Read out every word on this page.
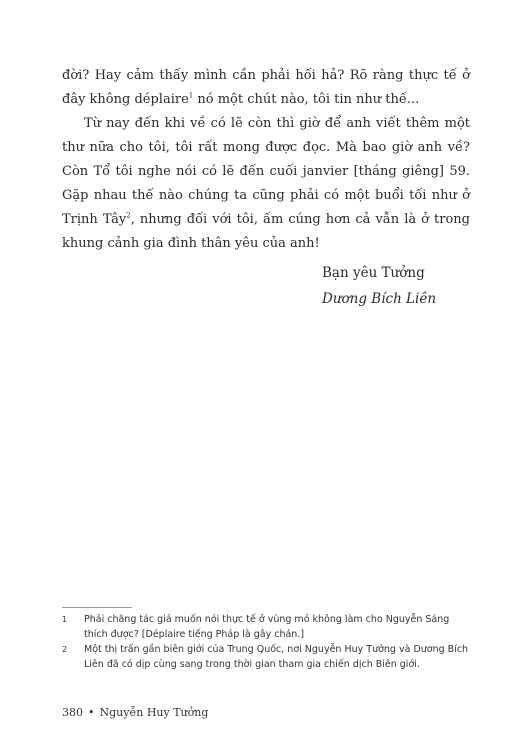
đời? Hay cảm thấy mình cần phải hối hả? Rõ ràng thực tế ở đây không déplaire$^1$ nó một chút nào, tôi tin như thế...

Từ nay đến khi về có lẽ còn thì giờ để anh viết thêm một thư nữa cho tôi, tôi rất mong được đọc. Mà bao giờ anh về? Còn Tổ tôi nghe nói có lẽ đến cuối janvier [tháng giêng] 59. Gặp nhau thế nào chúng ta cũng phải có một buổi tối như ở Trịnh Tây$^2$, nhưng đối với tôi, ấm cúng hơn cả vẫn là ở trong khung cảnh gia đình thân yêu của anh!

Bạn yêu Tưởng
Dương Bích Liên
1 Phải chăng tác giả muốn nói thực tế ở vùng mỏ không làm cho Nguyễn Sáng thích được? [Déplaire tiếng Pháp là gây chán.]
2 Một thị trấn gần biên giới của Trung Quốc, nơi Nguyễn Huy Tưởng và Dương Bích Liên đã có dịp cùng sang trong thời gian tham gia chiến dịch Biên giới.
380 • Nguyễn Huy Tưởng
